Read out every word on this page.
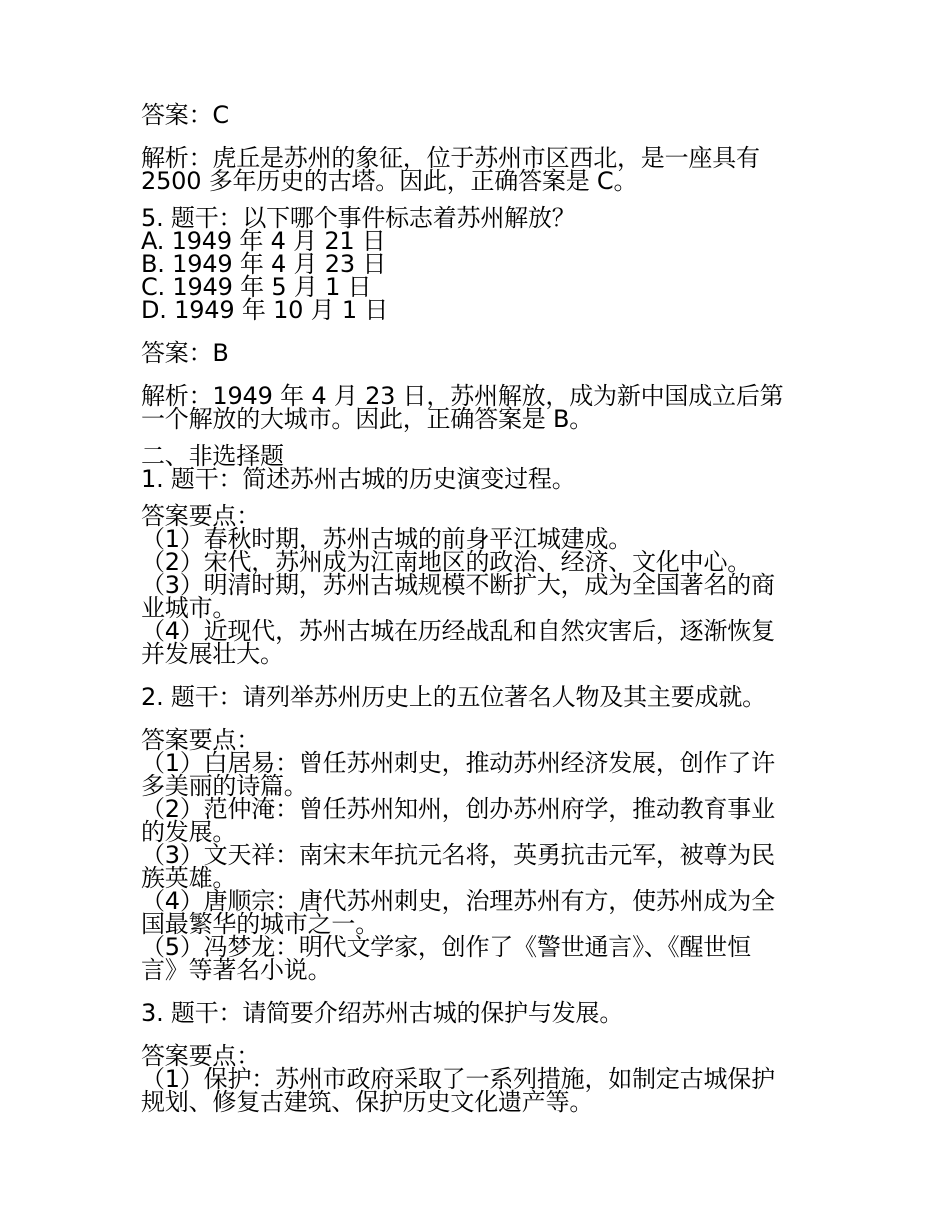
答案：C
解析：虎丘是苏州的象征，位于苏州市区西北，是一座具有
2500 多年历史的古塔。因此，正确答案是 C。
5. 题干：以下哪个事件标志着苏州解放？
A. 1949 年 4 月 21 日
B. 1949 年 4 月 23 日
C. 1949 年 5 月 1 日
D. 1949 年 10 月 1 日
答案：B
解析：1949 年 4 月 23 日，苏州解放，成为新中国成立后第
一个解放的大城市。因此，正确答案是 B。
二、非选择题
1. 题干：简述苏州古城的历史演变过程。
答案要点：
（1）春秋时期，苏州古城的前身平江城建成。
（2）宋代，苏州成为江南地区的政治、经济、文化中心。
（3）明清时期，苏州古城规模不断扩大，成为全国著名的商
业城市。
（4）近现代，苏州古城在历经战乱和自然灾害后，逐渐恢复
并发展壮大。
2. 题干：请列举苏州历史上的五位著名人物及其主要成就。
答案要点：
（1）白居易：曾任苏州刺史，推动苏州经济发展，创作了许
多美丽的诗篇。
（2）范仲淹：曾任苏州知州，创办苏州府学，推动教育事业
的发展。
（3）文天祥：南宋末年抗元名将，英勇抗击元军，被尊为民
族英雄。
（4）唐顺宗：唐代苏州刺史，治理苏州有方，使苏州成为全
国最繁华的城市之一。
（5）冯梦龙：明代文学家，创作了《警世通言》、《醒世恒
言》等著名小说。
3. 题干：请简要介绍苏州古城的保护与发展。
答案要点：
（1）保护：苏州市政府采取了一系列措施，如制定古城保护
规划、修复古建筑、保护历史文化遗产等。
